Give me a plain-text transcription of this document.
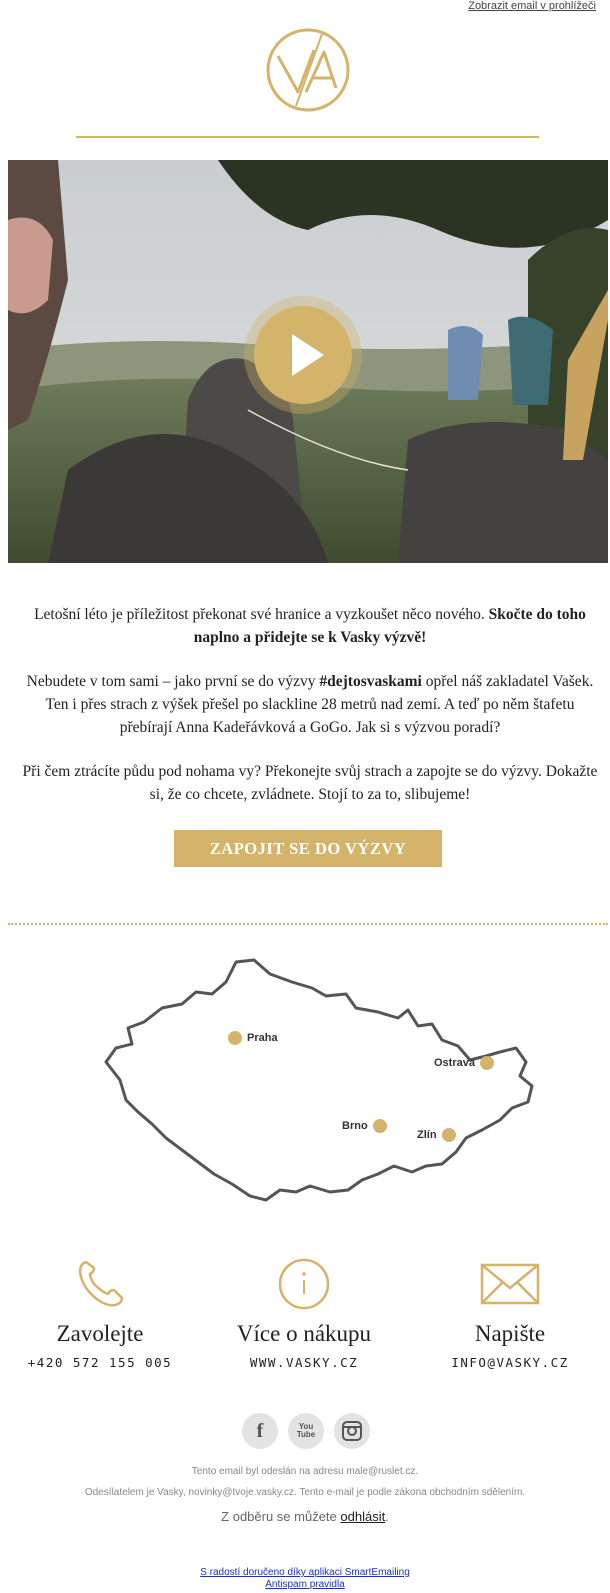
Zobrazit email v prohlížeči

Letošní léto je příležitost překonat své hranice a vyzkoušet něco nového. Skočte do toho naplno a přidejte se k Vasky výzvě!

Nebudete v tom sami – jako první se do výzvy #dejtosvaskami opřel náš zakladatel Vašek. Ten i přes strach z výšek přešel po slackline 28 metrů nad zemí. A teď po něm štafetu přebírají Anna Kadeřávková a GoGo. Jak si s výzvou poradí?

Při čem ztrácíte půdu pod nohama vy? Překonejte svůj strach a zapojte se do výzvy. Dokažte si, že co chcete, zvládnete. Stojí to za to, slibujeme!

ZAPOJIT SE DO VÝZVY
Praha
Ostrava
Brno
Zlín
Zavolejte
+420 572 155 005
Více o nákupu
WWW.VASKY.CZ
Napište
INFO@VASKY.CZ
f	You Tube
Tento email byl odeslán na adresu male@ruslet.cz.
Odesílatelem je Vasky, novinky@tvoje.vasky.cz. Tento e-mail je podle zákona obchodním sdělením.
Z odběru se můžete odhlásit.
S radostí doručeno díky aplikaci SmartEmailing
Antispam pravidla
